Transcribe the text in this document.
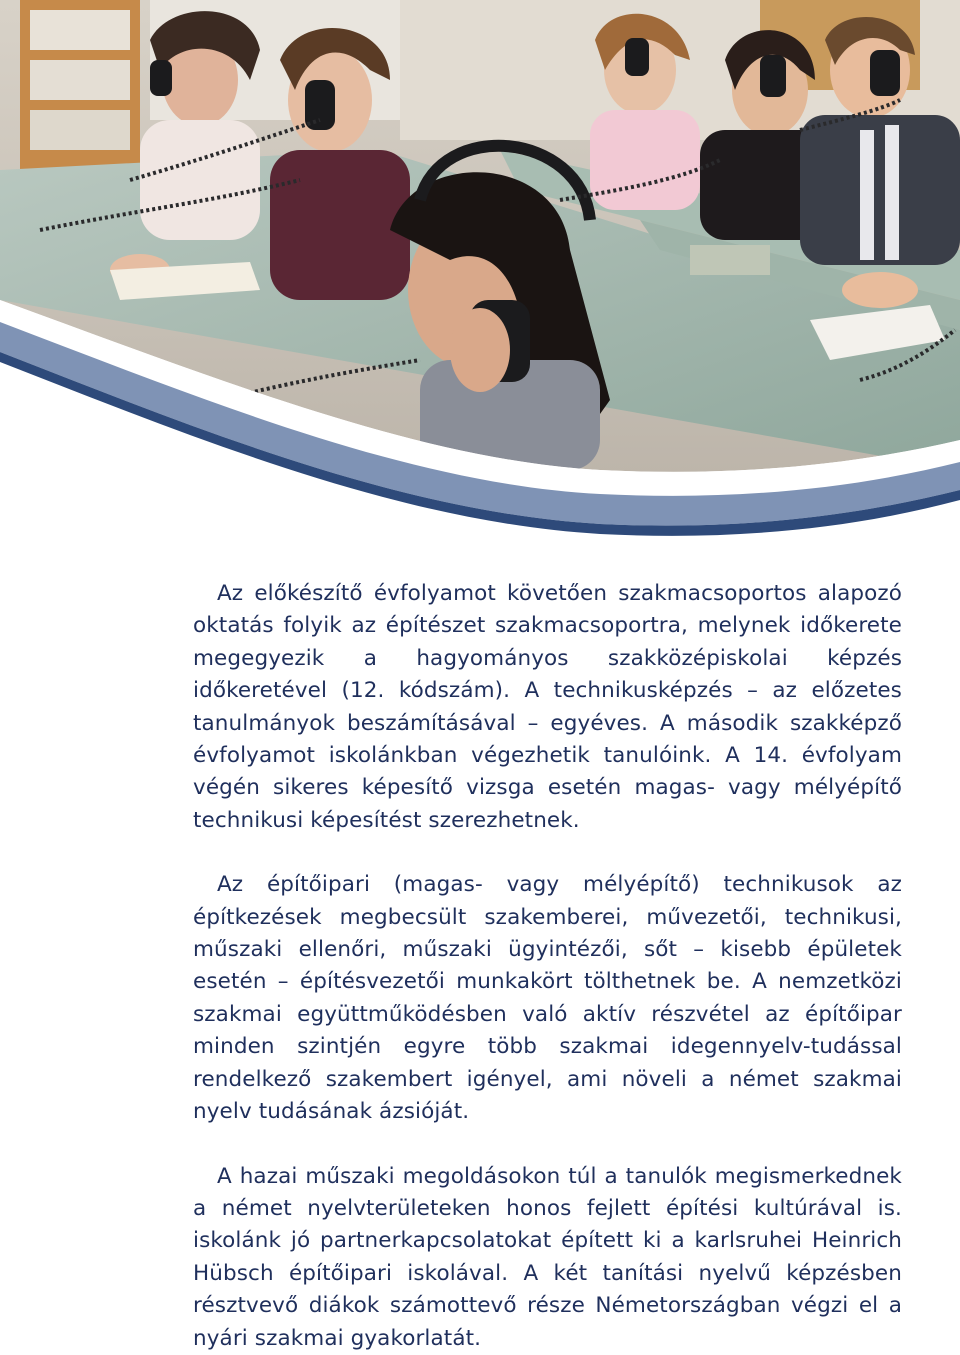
Az előkészítő évfolyamot követően szakmacsoportos alapozó oktatás folyik az építészet szakmacsoportra, melynek időkerete megegyezik a hagyományos szakközépiskolai képzés időkeretével (12. kódszám). A technikusképzés – az előzetes tanulmányok beszámításával – egyéves. A második szakképző évfolyamot iskolánkban végezhetik tanulóink. A 14. évfolyam végén sikeres képesítő vizsga esetén magas- vagy mélyépítő technikusi képesítést szerezhetnek.

Az építőipari (magas- vagy mélyépítő) technikusok az építkezések megbecsült szakemberei, művezetői, technikusi, műszaki ellenőri, műszaki ügyintézői, sőt – kisebb épületek esetén – építésvezetői munkakört tölthetnek be. A nemzetközi szakmai együttműködésben való aktív részvétel az építőipar minden szintjén egyre több szakmai idegennyelv-tudással rendelkező szakembert igényel, ami növeli a német szakmai nyelv tudásának ázsióját.

A hazai műszaki megoldásokon túl a tanulók megismerkednek a német nyelvterületeken honos fejlett építési kultúrával is. iskolánk jó partnerkapcsolatokat épített ki a karlsruhei Heinrich Hübsch építőipari iskolával. A két tanítási nyelvű képzésben résztvevő diákok számottevő része Németországban végzi el a nyári szakmai gyakorlatát.
